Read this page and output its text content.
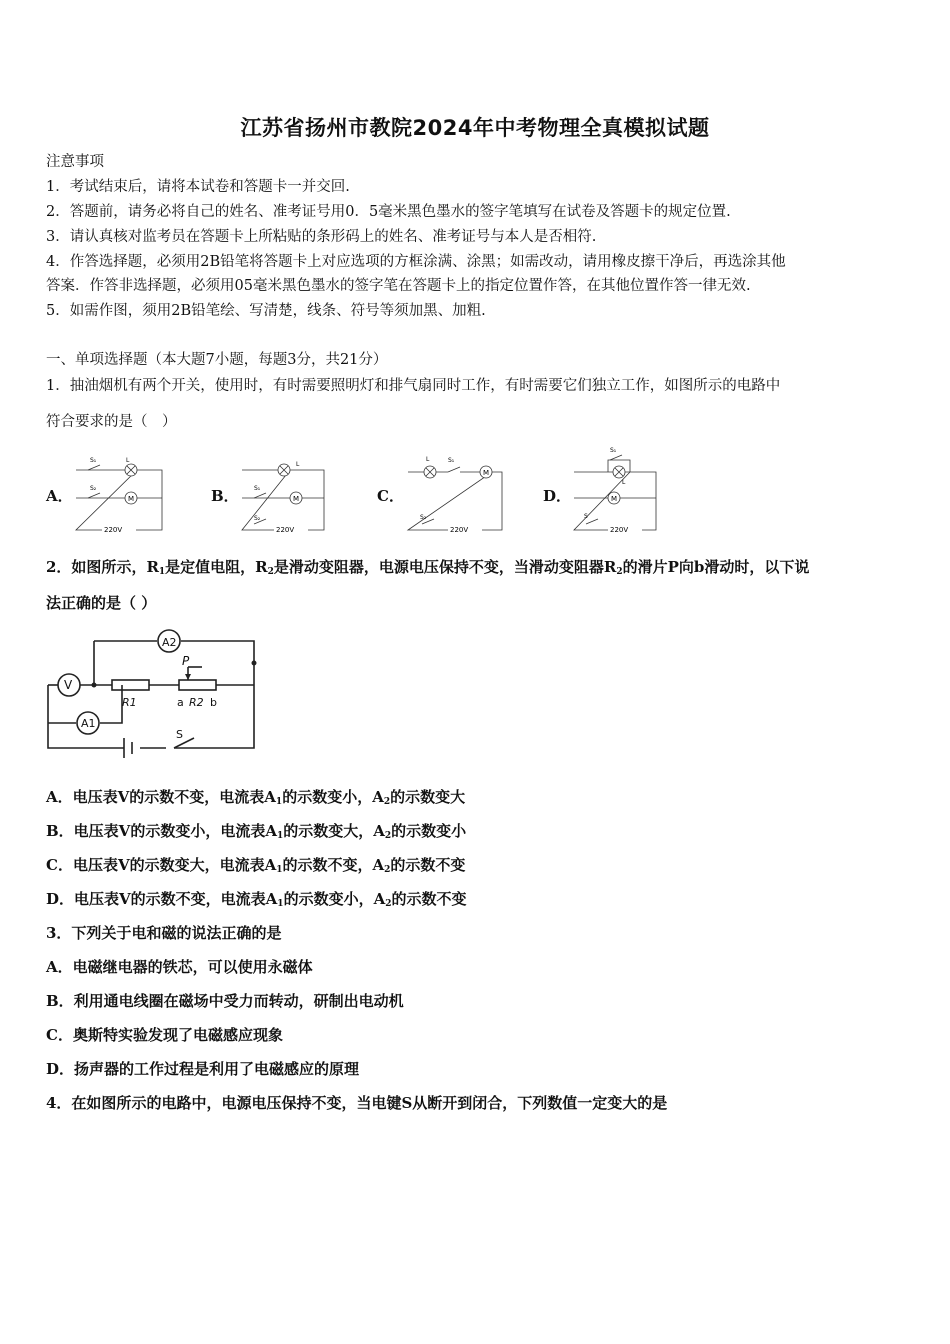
江苏省扬州市教院2024年中考物理全真模拟试题
注意事项
1．考试结束后，请将本试卷和答题卡一并交回.
2．答题前，请务必将自己的姓名、准考证号用0．5毫米黑色墨水的签字笔填写在试卷及答题卡的规定位置.
3．请认真核对监考员在答题卡上所粘贴的条形码上的姓名、准考证号与本人是否相符.
4．作答选择题，必须用2B铅笔将答题卡上对应选项的方框涂满、涂黑；如需改动，请用橡皮擦干净后，再选涂其他
答案．作答非选择题，必须用05毫米黑色墨水的签字笔在答题卡上的指定位置作答，在其他位置作答一律无效.
5．如需作图，须用2B铅笔绘、写清楚，线条、符号等须加黑、加粗.
一、单项选择题（本大题7小题，每题3分，共21分）
1．抽油烟机有两个开关，使用时，有时需要照明灯和排气扇同时工作，有时需要它们独立工作，如图所示的电路中
符合要求的是（　）
A．	B．	C．	D．
M
L
S₁
S₂
220V
M
L
S₁
S₂
220V
M
L	S₁
S₂
220V
M
L
S₁
S
220V
2．如图所示，$R_1$是定值电阻，$R_2$是滑动变阻器，电源电压保持不变，当滑动变阻器$R_2$的滑片P向b滑动时，以下说
法正确的是（ ）
A2
V
A1
R1
P
a R2 b
S
A．电压表V的示数不变，电流表$A_1$的示数变小，$A_2$的示数变大
B．电压表V的示数变小，电流表$A_1$的示数变大，$A_2$的示数变小
C．电压表V的示数变大，电流表$A_1$的示数不变，$A_2$的示数不变
D．电压表V的示数不变，电流表$A_1$的示数变小，$A_2$的示数不变
3．下列关于电和磁的说法正确的是
A．电磁继电器的铁芯，可以使用永磁体
B．利用通电线圈在磁场中受力而转动，研制出电动机
C．奥斯特实验发现了电磁感应现象
D．扬声器的工作过程是利用了电磁感应的原理
4．在如图所示的电路中，电源电压保持不变，当电键S从断开到闭合，下列数值一定变大的是
